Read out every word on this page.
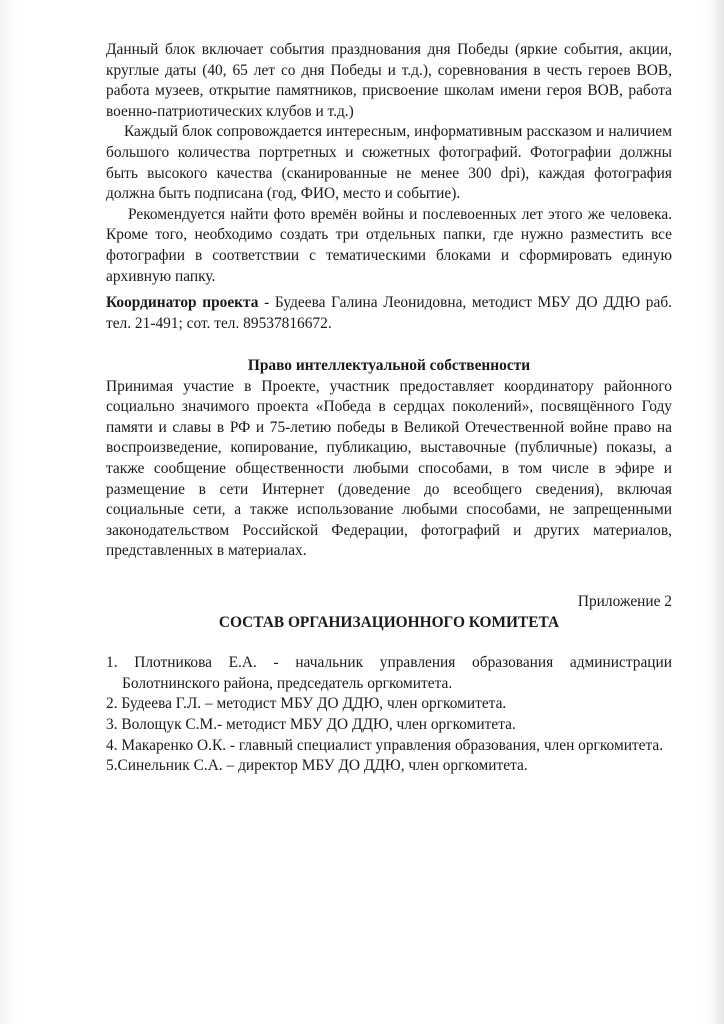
Данный блок включает события празднования дня Победы (яркие события, акции, круглые даты (40, 65 лет со дня Победы и т.д.), соревнования в честь героев ВОВ, работа музеев, открытие памятников, присвоение школам имени героя ВОВ, работа военно-патриотических клубов и т.д.)

Каждый блок сопровождается интересным, информативным рассказом и наличием большого количества портретных и сюжетных фотографий. Фотографии должны быть высокого качества (сканированные не менее 300 dpi), каждая фотография должна быть подписана (год, ФИО, место и событие).

Рекомендуется найти фото времён войны и послевоенных лет этого же человека. Кроме того, необходимо создать три отдельных папки, где нужно разместить все фотографии в соответствии с тематическими блоками и сформировать единую архивную папку.

Координатор проекта - Будеева Галина Леонидовна, методист МБУ ДО ДДЮ раб. тел. 21-491; сот. тел. 89537816672.

Право интеллектуальной собственности

Принимая участие в Проекте, участник предоставляет координатору районного социально значимого проекта «Победа в сердцах поколений», посвящённого Году памяти и славы в РФ и 75-летию победы в Великой Отечественной войне право на воспроизведение, копирование, публикацию, выставочные (публичные) показы, а также сообщение общественности любыми способами, в том числе в эфире и размещение в сети Интернет (доведение до всеобщего сведения), включая социальные сети, а также использование любыми способами, не запрещенными законодательством Российской Федерации, фотографий и других материалов, представленных в материалах.

Приложение 2

СОСТАВ ОРГАНИЗАЦИОННОГО КОМИТЕТА

1. Плотникова Е.А. - начальник управления образования администрации Болотнинского района, председатель оргкомитета.

2. Будеева Г.Л. – методист МБУ ДО ДДЮ, член оргкомитета.

3. Волощук С.М.- методист МБУ ДО ДДЮ, член оргкомитета.

4. Макаренко О.К. - главный специалист управления образования, член оргкомитета.

5.Синельник С.А. – директор МБУ ДО ДДЮ, член оргкомитета.
